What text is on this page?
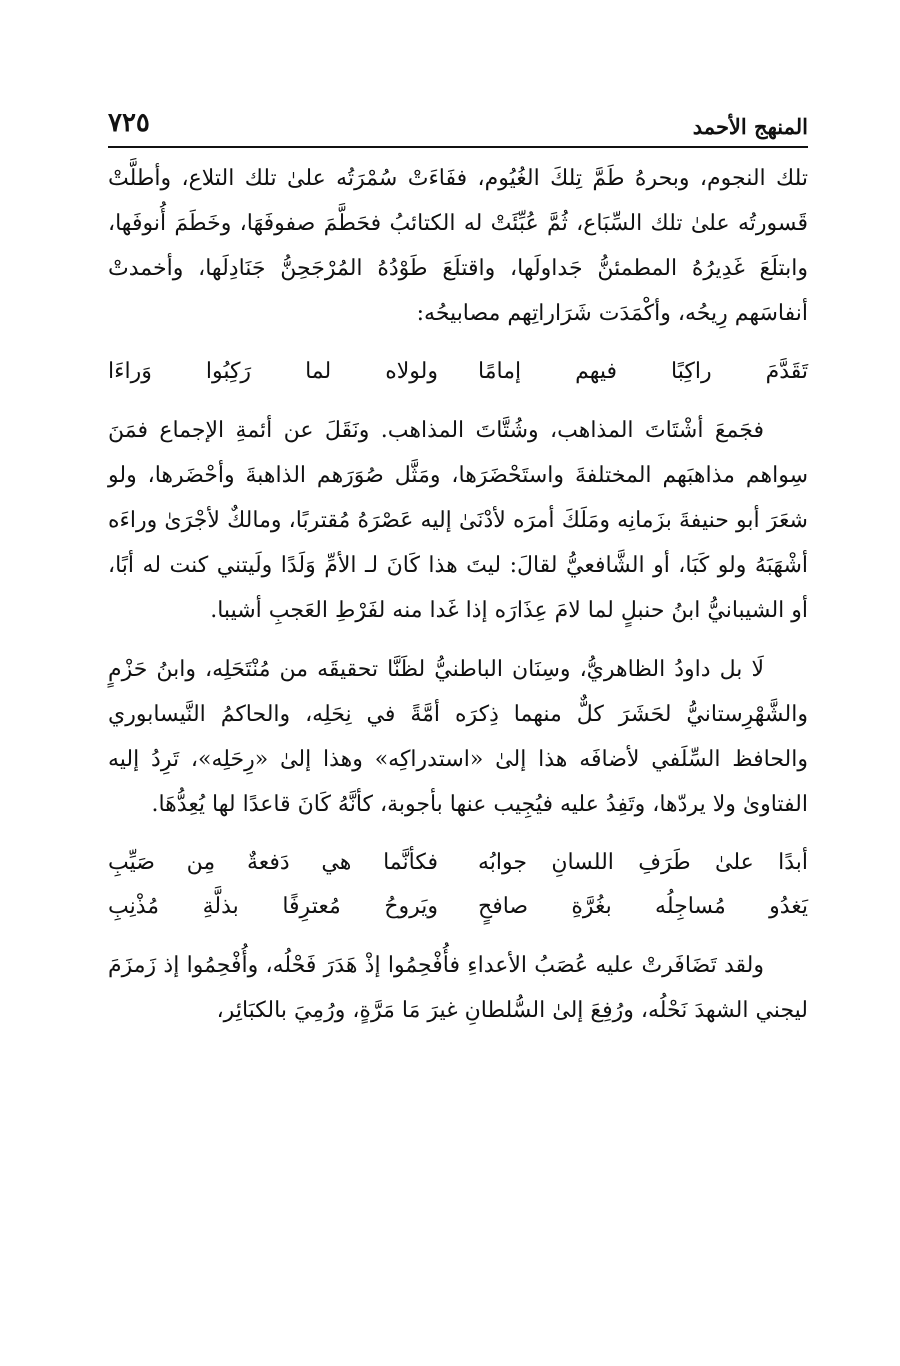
المنهج الأحمد
٧٢٥

تلك النجوم، وبحرهُ طَمَّ تِلكَ الغُيُوم، ففَاءَتْ سُمْرَتُه علىٰ تلك التلاع، وأطلَّتْ قَسورتُه علىٰ تلك السِّبَاع، ثُمَّ عُبِّئَتْ له الكتائبُ فحَطَّمَ صفوفَهَا، وخَطَمَ أُنوفَها، وابتلَعَ غَدِيرُهُ المطمئنُّ جَداولَها، واقتلَعَ طَوْدُهُ المُرْجَحِنُّ جَنَادِلَها، وأخمدتْ أنفاسَهم رِيحُه، وأكْمَدَت شَرَاراتِهم مصابيحُه:

تَقَدَّمَ راكِبًا فيهم إمامًا
ولولاه لما رَكِبُوا وَراءَا

فجَمعَ أشْتَاتَ المذاهب، وشُتَّاتَ المذاهب. ونَقَلَ عن أئمةِ الإجماع فمَنَ سِواهم مذاهبَهم المختلفةَ واستَحْضَرَها، ومَثَّل صُوَرَهم الذاهبةَ وأحْضَرها، ولو شعَرَ أبو حنيفةَ بزَمانِه ومَلَكَ أمرَه لأدْنَىٰ إليه عَصْرَهُ مُقتربًا، ومالكٌ لأجْرَىٰ وراءَه أشْهَبَهُ ولو كَبَا، أو الشَّافعيُّ لقالَ: ليتَ هذا كَانَ لـ الأمِّ وَلَدًا ولَيتني كنت له أبًا، أو الشيبانيُّ ابنُ حنبلٍ لما لامَ عِذَارَه إذا غَدا منه لفَرْطِ العَجبِ أشيبا.

لَا بل داودُ الظاهريُّ، وسِنَان الباطنيُّ لظَنَّا تحقيقَه من مُنْتَحَلِه، وابنُ حَزْمٍ والشَّهْرِستانيُّ لحَشَرَ كلٌّ منهما ذِكرَه أمَّةً في نِحَلِه، والحاكمُ النَّيسابوري والحافظ السِّلَفي لأضافَه هذا إلىٰ «استدراكِه» وهذا إلىٰ «رِحَلِه»، تَرِدُ إليه الفتاوىٰ ولا يردّها، وتَفِدُ عليه فيُجِيب عنها بأجوبة، كأنَّهُ كَانَ قاعدًا لها يُعِدُّهَا.

أبدًا علىٰ طَرَفِ اللسانِ جوابُه
فكأنَّما هي دَفعةٌ مِن صَيِّبِ
يَغدُو مُساجِلُه بغُرَّةِ صافحٍ
ويَروحُ مُعترِفًا بذلَّةِ مُذْنِبِ

ولقد تَضَافَرتْ عليه عُصَبُ الأعداءِ فأُفْحِمُوا إذْ هَدَرَ فَحْلُه، وأُفْحِمُوا إذ زَمزَمَ ليجني الشهدَ نَحْلُه، ورُفِعَ إلىٰ السُّلطانِ غيرَ مَا مَرَّةٍ، ورُمِيَ بالكبَائِر،
